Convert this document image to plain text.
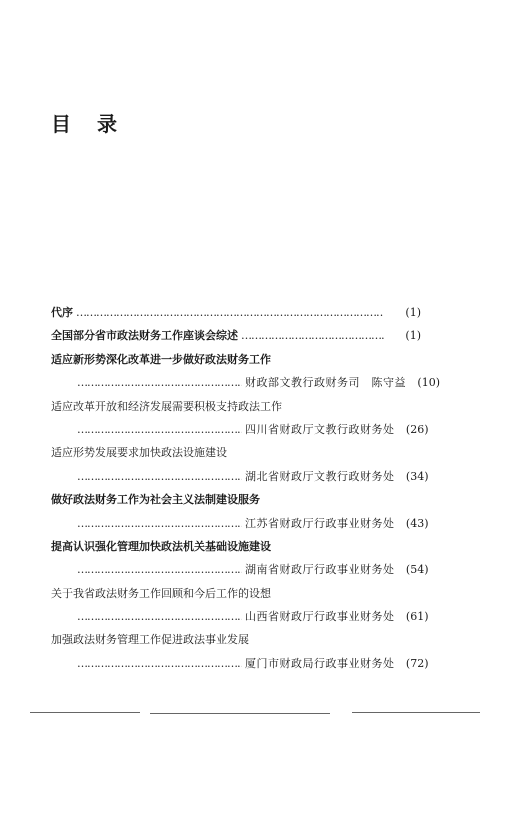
目 录
代序 ……………………………………………………………………………………………………………	(1)
全国部分省市政法财务工作座谈会综述 ……………………………………………………………………………………………………………	(1)
适应新形势深化改革进一步做好政法财务工作
……………………………………………………………………………………………………………
财政部文教行政财务司　陈守益	(10)
适应改革开放和经济发展需要积极支持政法工作
……………………………………………………………………………………………………………
四川省财政厅文教行政财务处	(26)
适应形势发展要求加快政法设施建设
……………………………………………………………………………………………………………
湖北省财政厅文教行政财务处	(34)
做好政法财务工作为社会主义法制建设服务
……………………………………………………………………………………………………………
江苏省财政厅行政事业财务处	(43)
提高认识强化管理加快政法机关基础设施建设
……………………………………………………………………………………………………………
湖南省财政厅行政事业财务处	(54)
关于我省政法财务工作回顾和今后工作的设想
……………………………………………………………………………………………………………
山西省财政厅行政事业财务处	(61)
加强政法财务管理工作促进政法事业发展
……………………………………………………………………………………………………………
厦门市财政局行政事业财务处	(72)
